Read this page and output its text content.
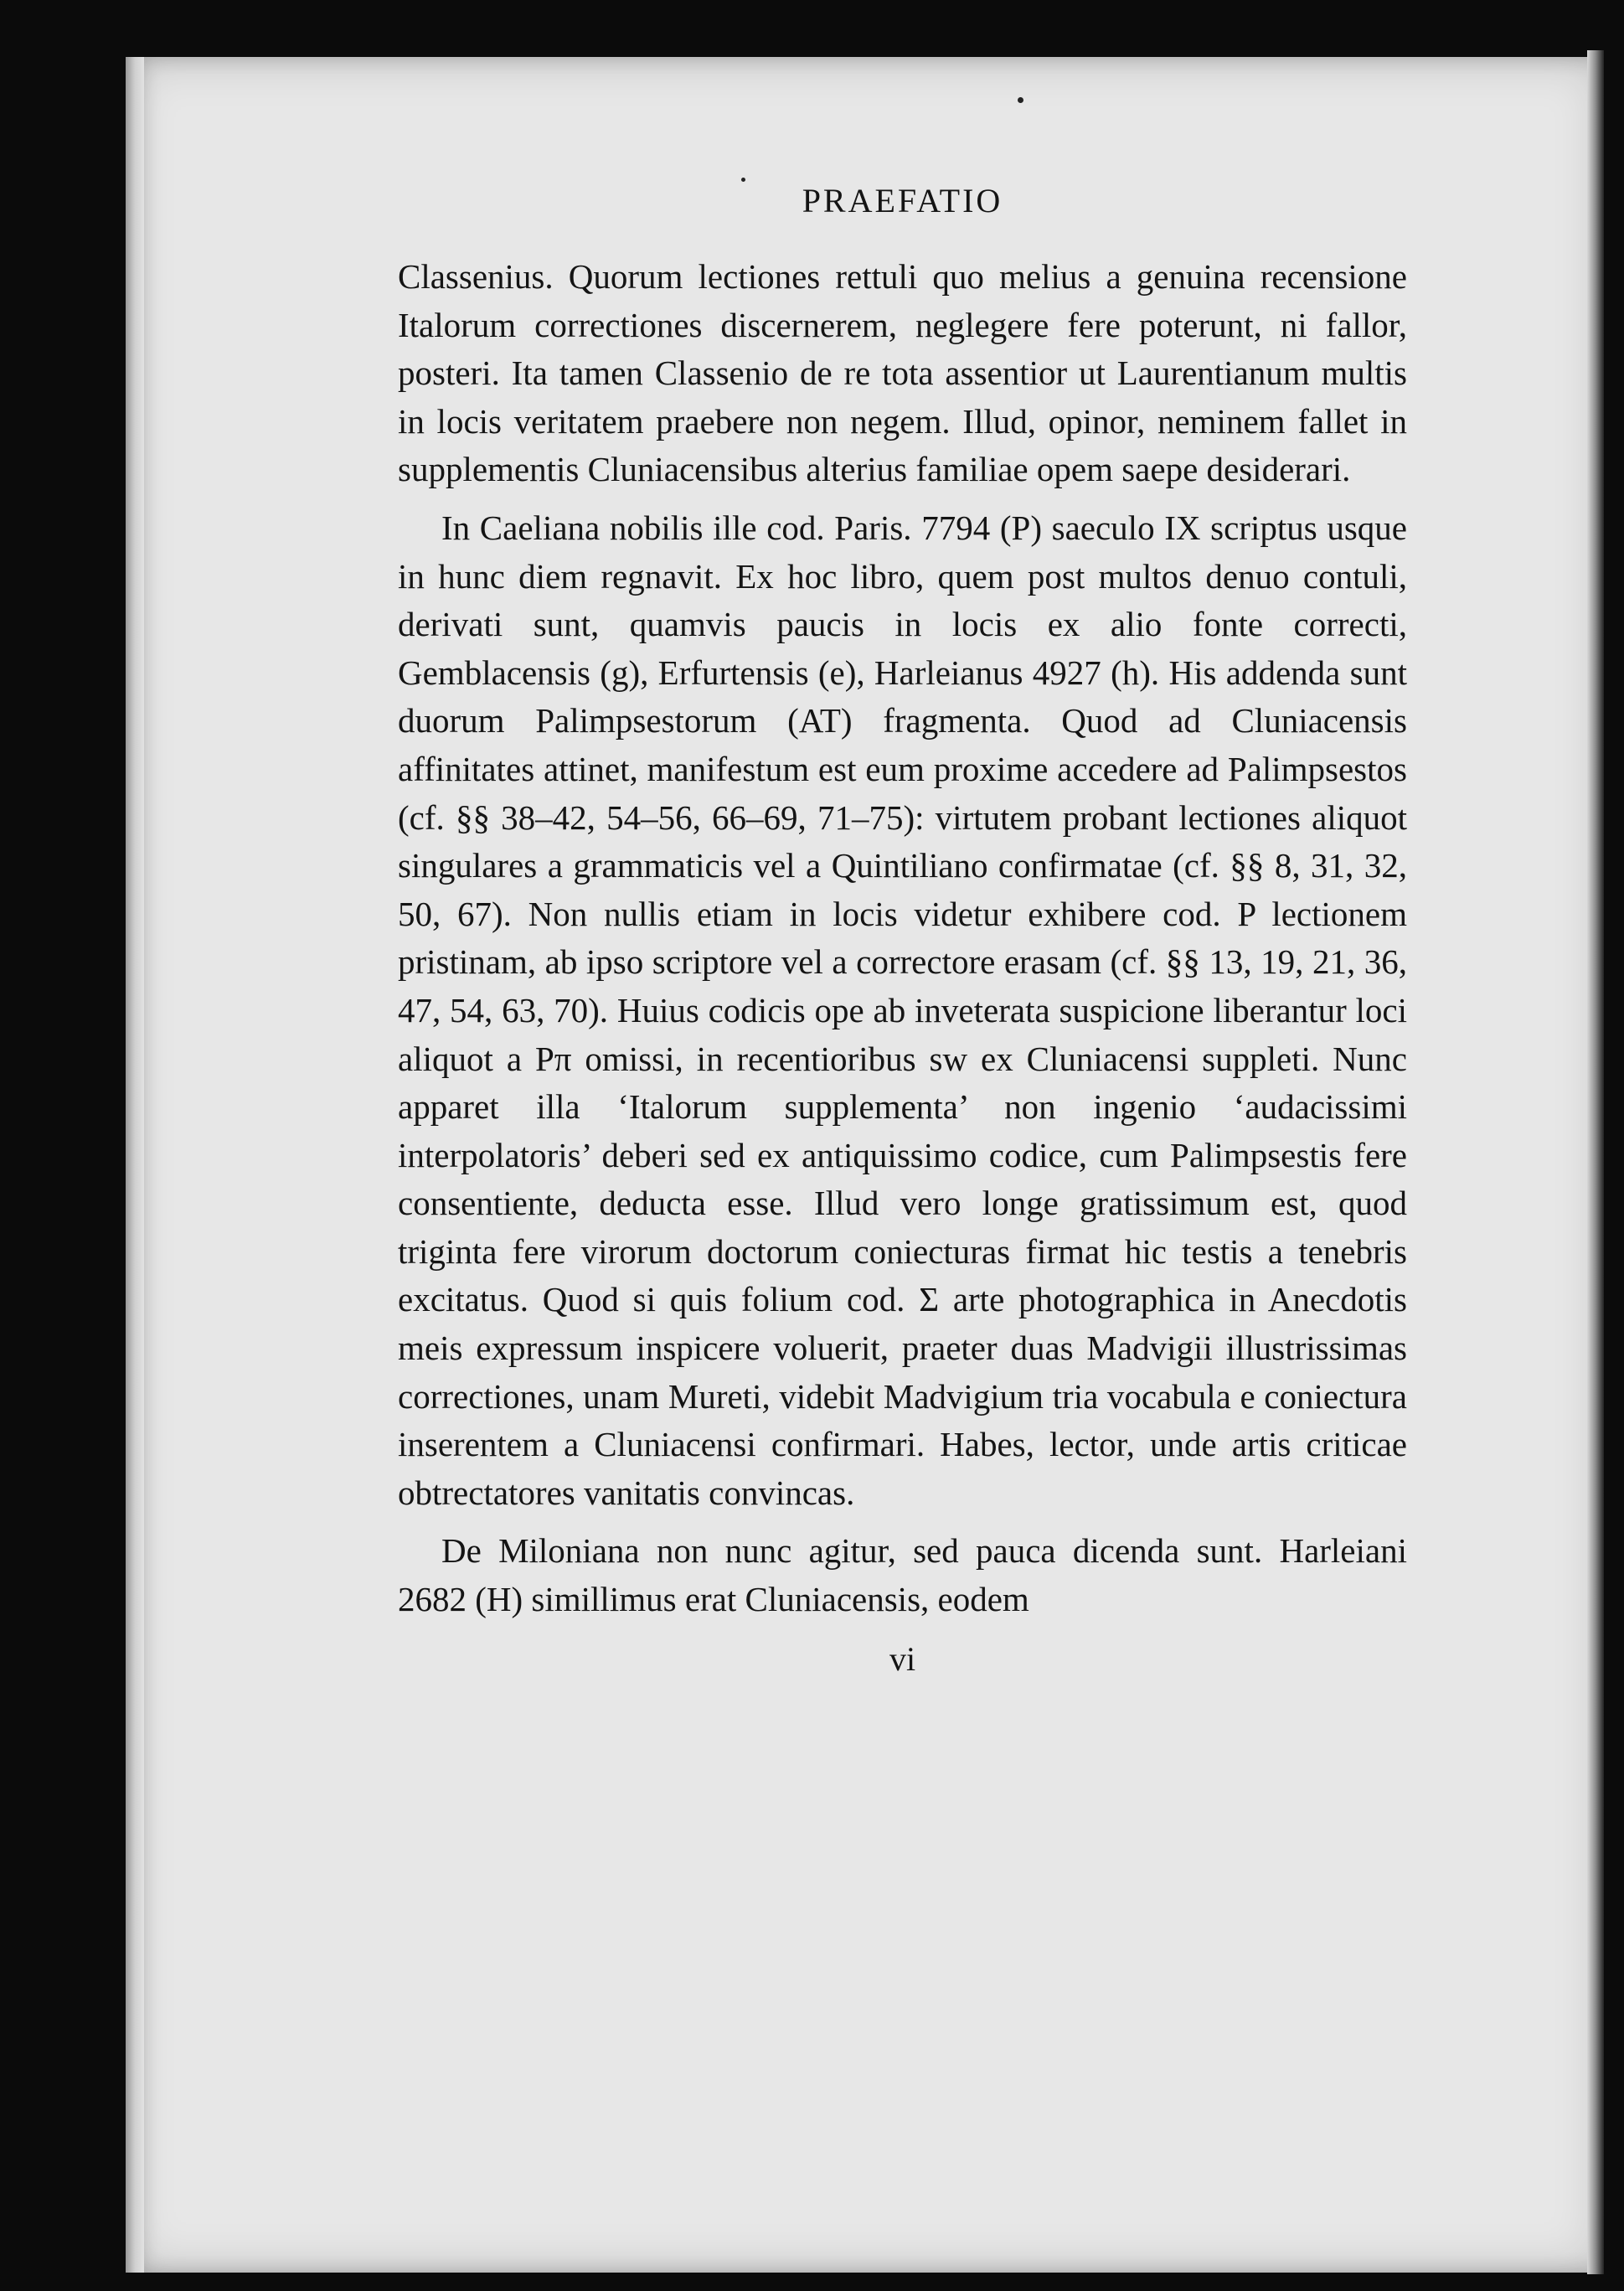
PRAEFATIO

Classenius. Quorum lectiones rettuli quo melius a genuina recensione Italorum correctiones discernerem, neglegere fere poterunt, ni fallor, posteri. Ita tamen Classenio de re tota assentior ut Laurentianum multis in locis veritatem praebere non negem. Illud, opinor, neminem fallet in supplementis Cluniacensibus alterius familiae opem saepe desiderari.

In Caeliana nobilis ille cod. Paris. 7794 (P) saeculo IX scriptus usque in hunc diem regnavit. Ex hoc libro, quem post multos denuo contuli, derivati sunt, quamvis paucis in locis ex alio fonte correcti, Gemblacensis (g), Erfurtensis (e), Harleianus 4927 (h). His addenda sunt duorum Palimpsestorum (AT) fragmenta. Quod ad Cluniacensis affinitates attinet, manifestum est eum proxime accedere ad Palimpsestos (cf. §§ 38–42, 54–56, 66–69, 71–75): virtutem probant lectiones aliquot singulares a grammaticis vel a Quintiliano confirmatae (cf. §§ 8, 31, 32, 50, 67). Non nullis etiam in locis videtur exhibere cod. P lectionem pristinam, ab ipso scriptore vel a correctore erasam (cf. §§ 13, 19, 21, 36, 47, 54, 63, 70). Huius codicis ope ab inveterata suspicione liberantur loci aliquot a Pπ omissi, in recentioribus sw ex Cluniacensi suppleti. Nunc apparet illa ‘Italorum supplementa’ non ingenio ‘audacissimi interpolatoris’ deberi sed ex antiquissimo codice, cum Palimpsestis fere consentiente, deducta esse. Illud vero longe gratissimum est, quod triginta fere virorum doctorum coniecturas firmat hic testis a tenebris excitatus. Quod si quis folium cod. Σ arte photographica in Anecdotis meis expressum inspicere voluerit, praeter duas Madvigii illustrissimas correctiones, unam Mureti, videbit Madvigium tria vocabula e coniectura inserentem a Cluniacensi confirmari. Habes, lector, unde artis criticae obtrectatores vanitatis convincas.

De Miloniana non nunc agitur, sed pauca dicenda sunt. Harleiani 2682 (H) simillimus erat Cluniacensis, eodem

vi
